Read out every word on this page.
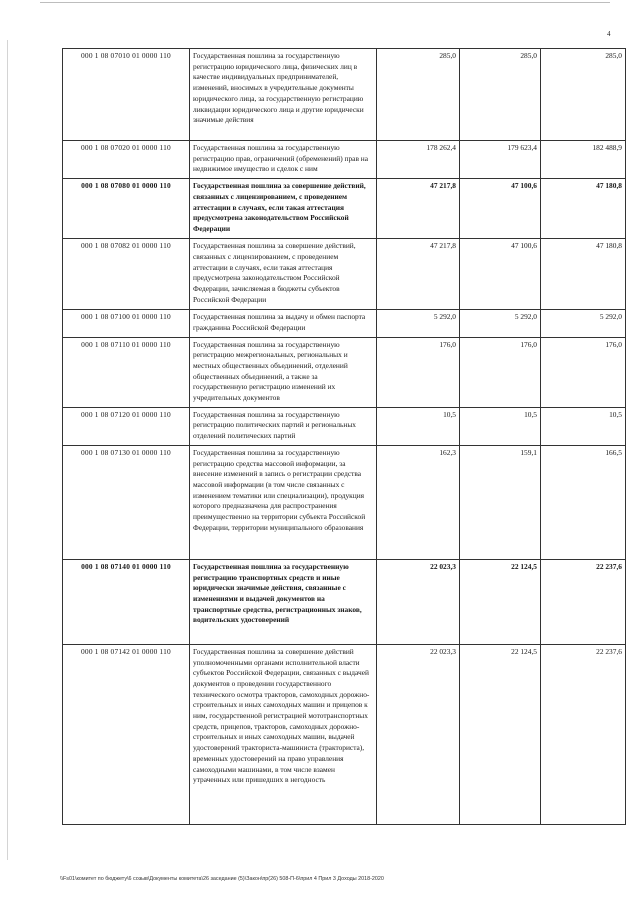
4
000 1 08 07010 01 0000 110	Государственная пошлина за государственную регистрацию юридического лица, физических лиц в качестве индивидуальных предпринимателей, изменений, вносимых в учредительные документы юридического лица, за государственную регистрацию ликвидации юридического лица и другие юридически значимые действия	285,0	285,0	285,0
000 1 08 07020 01 0000 110	Государственная пошлина за государственную регистрацию прав, ограничений (обременений) прав на недвижимое имущество и сделок с ним	178 262,4	179 623,4	182 488,9
000 1 08 07080 01 0000 110	Государственная пошлина за совершение действий, связанных с лицензированием, с проведением аттестации в случаях, если такая аттестация предусмотрена законодательством Российской Федерации	47 217,8	47 100,6	47 180,8
000 1 08 07082 01 0000 110	Государственная пошлина за совершение действий, связанных с лицензированием, с проведением аттестации в случаях, если такая аттестация предусмотрена законодательством Российской Федерации, зачисляемая в бюджеты субъектов Российской Федерации	47 217,8	47 100,6	47 180,8
000 1 08 07100 01 0000 110	Государственная пошлина за выдачу и обмен паспорта гражданина Российской Федерации	5 292,0	5 292,0	5 292,0
000 1 08 07110 01 0000 110	Государственная пошлина за государственную регистрацию межрегиональных, региональных и местных общественных объединений, отделений общественных объединений, а также за государственную регистрацию изменений их учредительных документов	176,0	176,0	176,0
000 1 08 07120 01 0000 110	Государственная пошлина за государственную регистрацию политических партий и региональных отделений политических партий	10,5	10,5	10,5
000 1 08 07130 01 0000 110	Государственная пошлина за государственную регистрацию средства массовой информации, за внесение изменений в запись о регистрации средства массовой информации (в том числе связанных с изменением тематики или специализации), продукция которого предназначена для распространения преимущественно на территории субъекта Российской Федерации, территории муниципального образования	162,3	159,1	166,5
000 1 08 07140 01 0000 110	Государственная пошлина за государственную регистрацию транспортных средств и иные юридически значимые действия, связанные с изменениями и выдачей документов на транспортные средства, регистрационных знаков, водительских удостоверений	22 023,3	22 124,5	22 237,6
000 1 08 07142 01 0000 110	Государственная пошлина за совершение действий уполномоченными органами исполнительной власти субъектов Российской Федерации, связанных с выдачей документов о проведении государственного технического осмотра тракторов, самоходных дорожно-строительных и иных самоходных машин и прицепов к ним, государственной регистрацией мототранспортных средств, прицепов, тракторов, самоходных дорожно-строительных и иных самоходных машин, выдачей удостоверений тракториста-машиниста (тракториста), временных удостоверений на право управления самоходными машинами, в том числе взамен утраченных или пришедших в негодность	22 023,3	22 124,5	22 237,6
\\Fs01\комитет по бюджету\6 созыв\Документы комитета\26 заседание (5)\Закон\пр(26) 508-П-6\прил 4 Прил 3 Доходы 2018-2020
